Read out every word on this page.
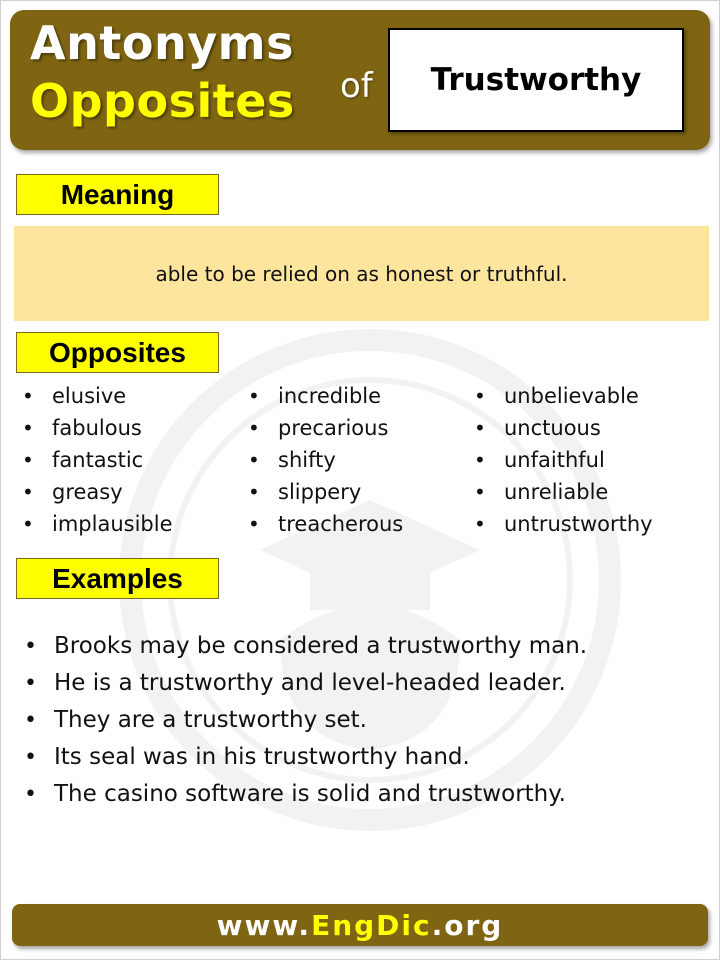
Antonyms
Opposites of Trustworthy
Meaning
able to be relied on as honest or truthful.
Opposites
• elusive
• fabulous
• fantastic
• greasy
• implausible
• incredible
• precarious
• shifty
• slippery
• treacherous
• unbelievable
• unctuous
• unfaithful
• unreliable
• untrustworthy
Examples
• Brooks may be considered a trustworthy man.
• He is a trustworthy and level-headed leader.
• They are a trustworthy set.
• Its seal was in his trustworthy hand.
• The casino software is solid and trustworthy.
www. EngDic .org
